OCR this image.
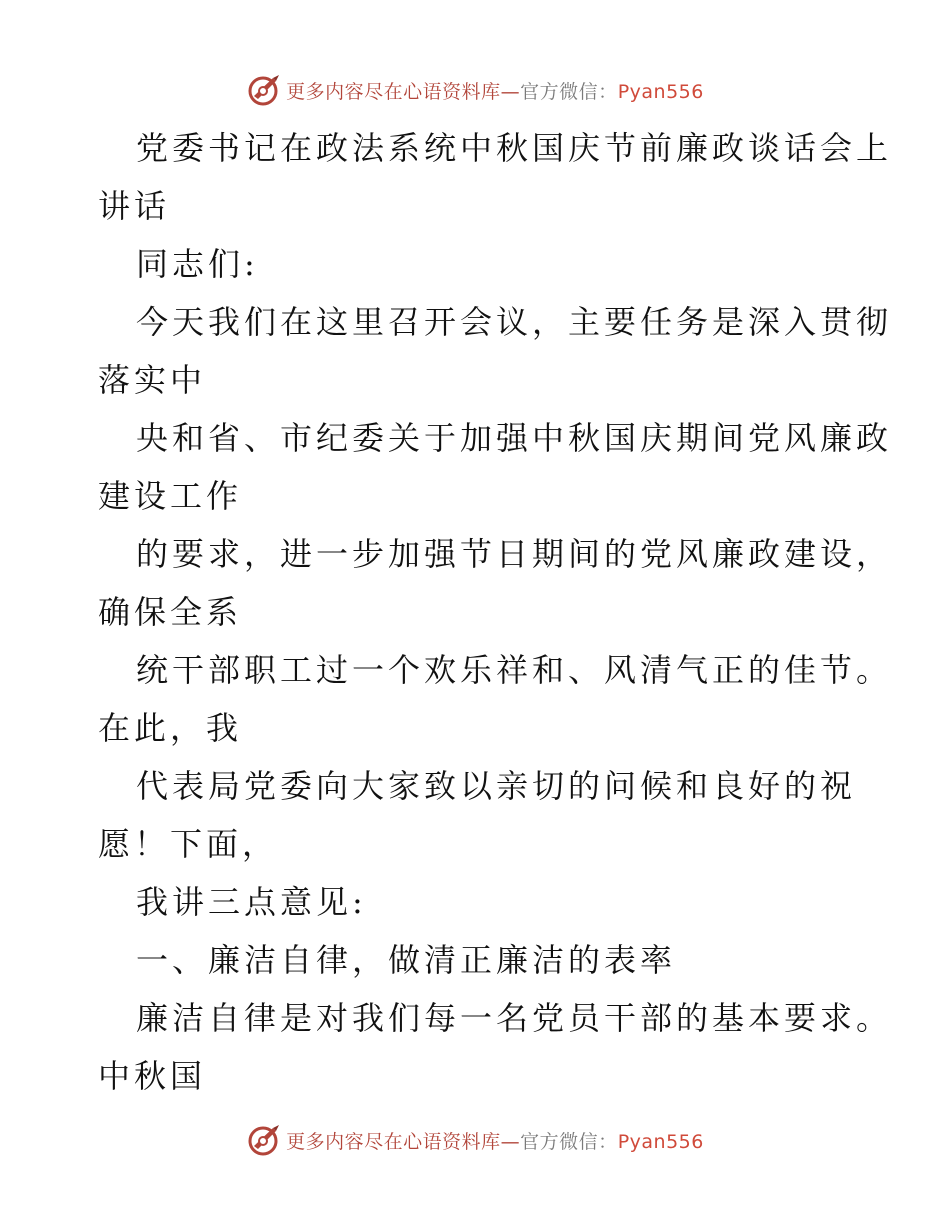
更多内容尽在心语资料库—官方微信：Pyan556
党委书记在政法系统中秋国庆节前廉政谈话会上
讲话
同志们:
今天我们在这里召开会议，主要任务是深入贯彻
落实中
央和省、市纪委关于加强中秋国庆期间党风廉政
建设工作
的要求，进一步加强节日期间的党风廉政建设，
确保全系
统干部职工过一个欢乐祥和、风清气正的佳节。
在此，我
代表局党委向大家致以亲切的问候和良好的祝
愿！下面，
我讲三点意见:
一、廉洁自律，做清正廉洁的表率
廉洁自律是对我们每一名党员干部的基本要求。
中秋国
更多内容尽在心语资料库—官方微信：Pyan556
